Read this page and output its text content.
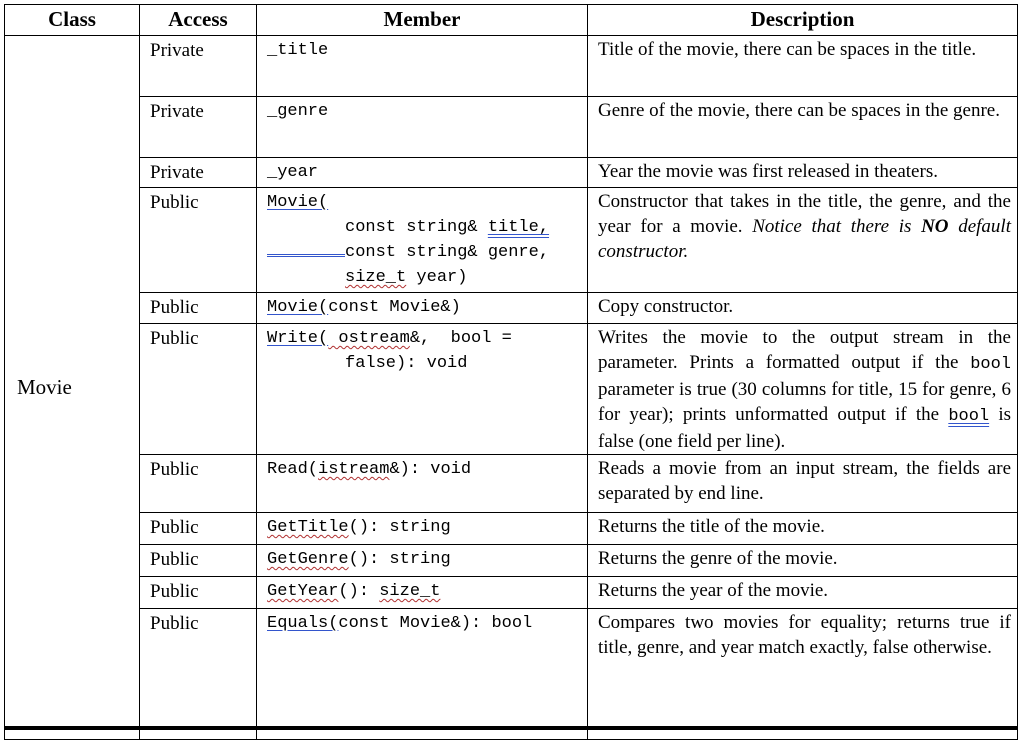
Class	Access	Member	Description
Movie	Private	_title	Title of the movie, there can be spaces in the title.
	Private	_genre	Genre of the movie, there can be spaces in the genre.
	Private	_year	Year the movie was first released in theaters.
	Public	Movie(
const string& title,
const string& genre,
size_t year)	Constructor that takes in the title, the genre, and the year for a movie. Notice that there is NO default constructor.
	Public	Movie(const Movie&)	Copy constructor.
	Public	Write( ostream&,  bool =
false): void	Writes the movie to the output stream in the parameter. Prints a formatted output if the bool parameter is true (30 columns for title, 15 for genre, 6 for year); prints unformatted output if the bool is false (one field per line).
	Public	Read(istream&): void	Reads a movie from an input stream, the fields are separated by end line.
	Public	GetTitle(): string	Returns the title of the movie.
	Public	GetGenre(): string	Returns the genre of the movie.
	Public	GetYear(): size_t	Returns the year of the movie.
	Public	Equals(const Movie&): bool	Compares two movies for equality; returns true if title, genre, and year match exactly, false otherwise.
